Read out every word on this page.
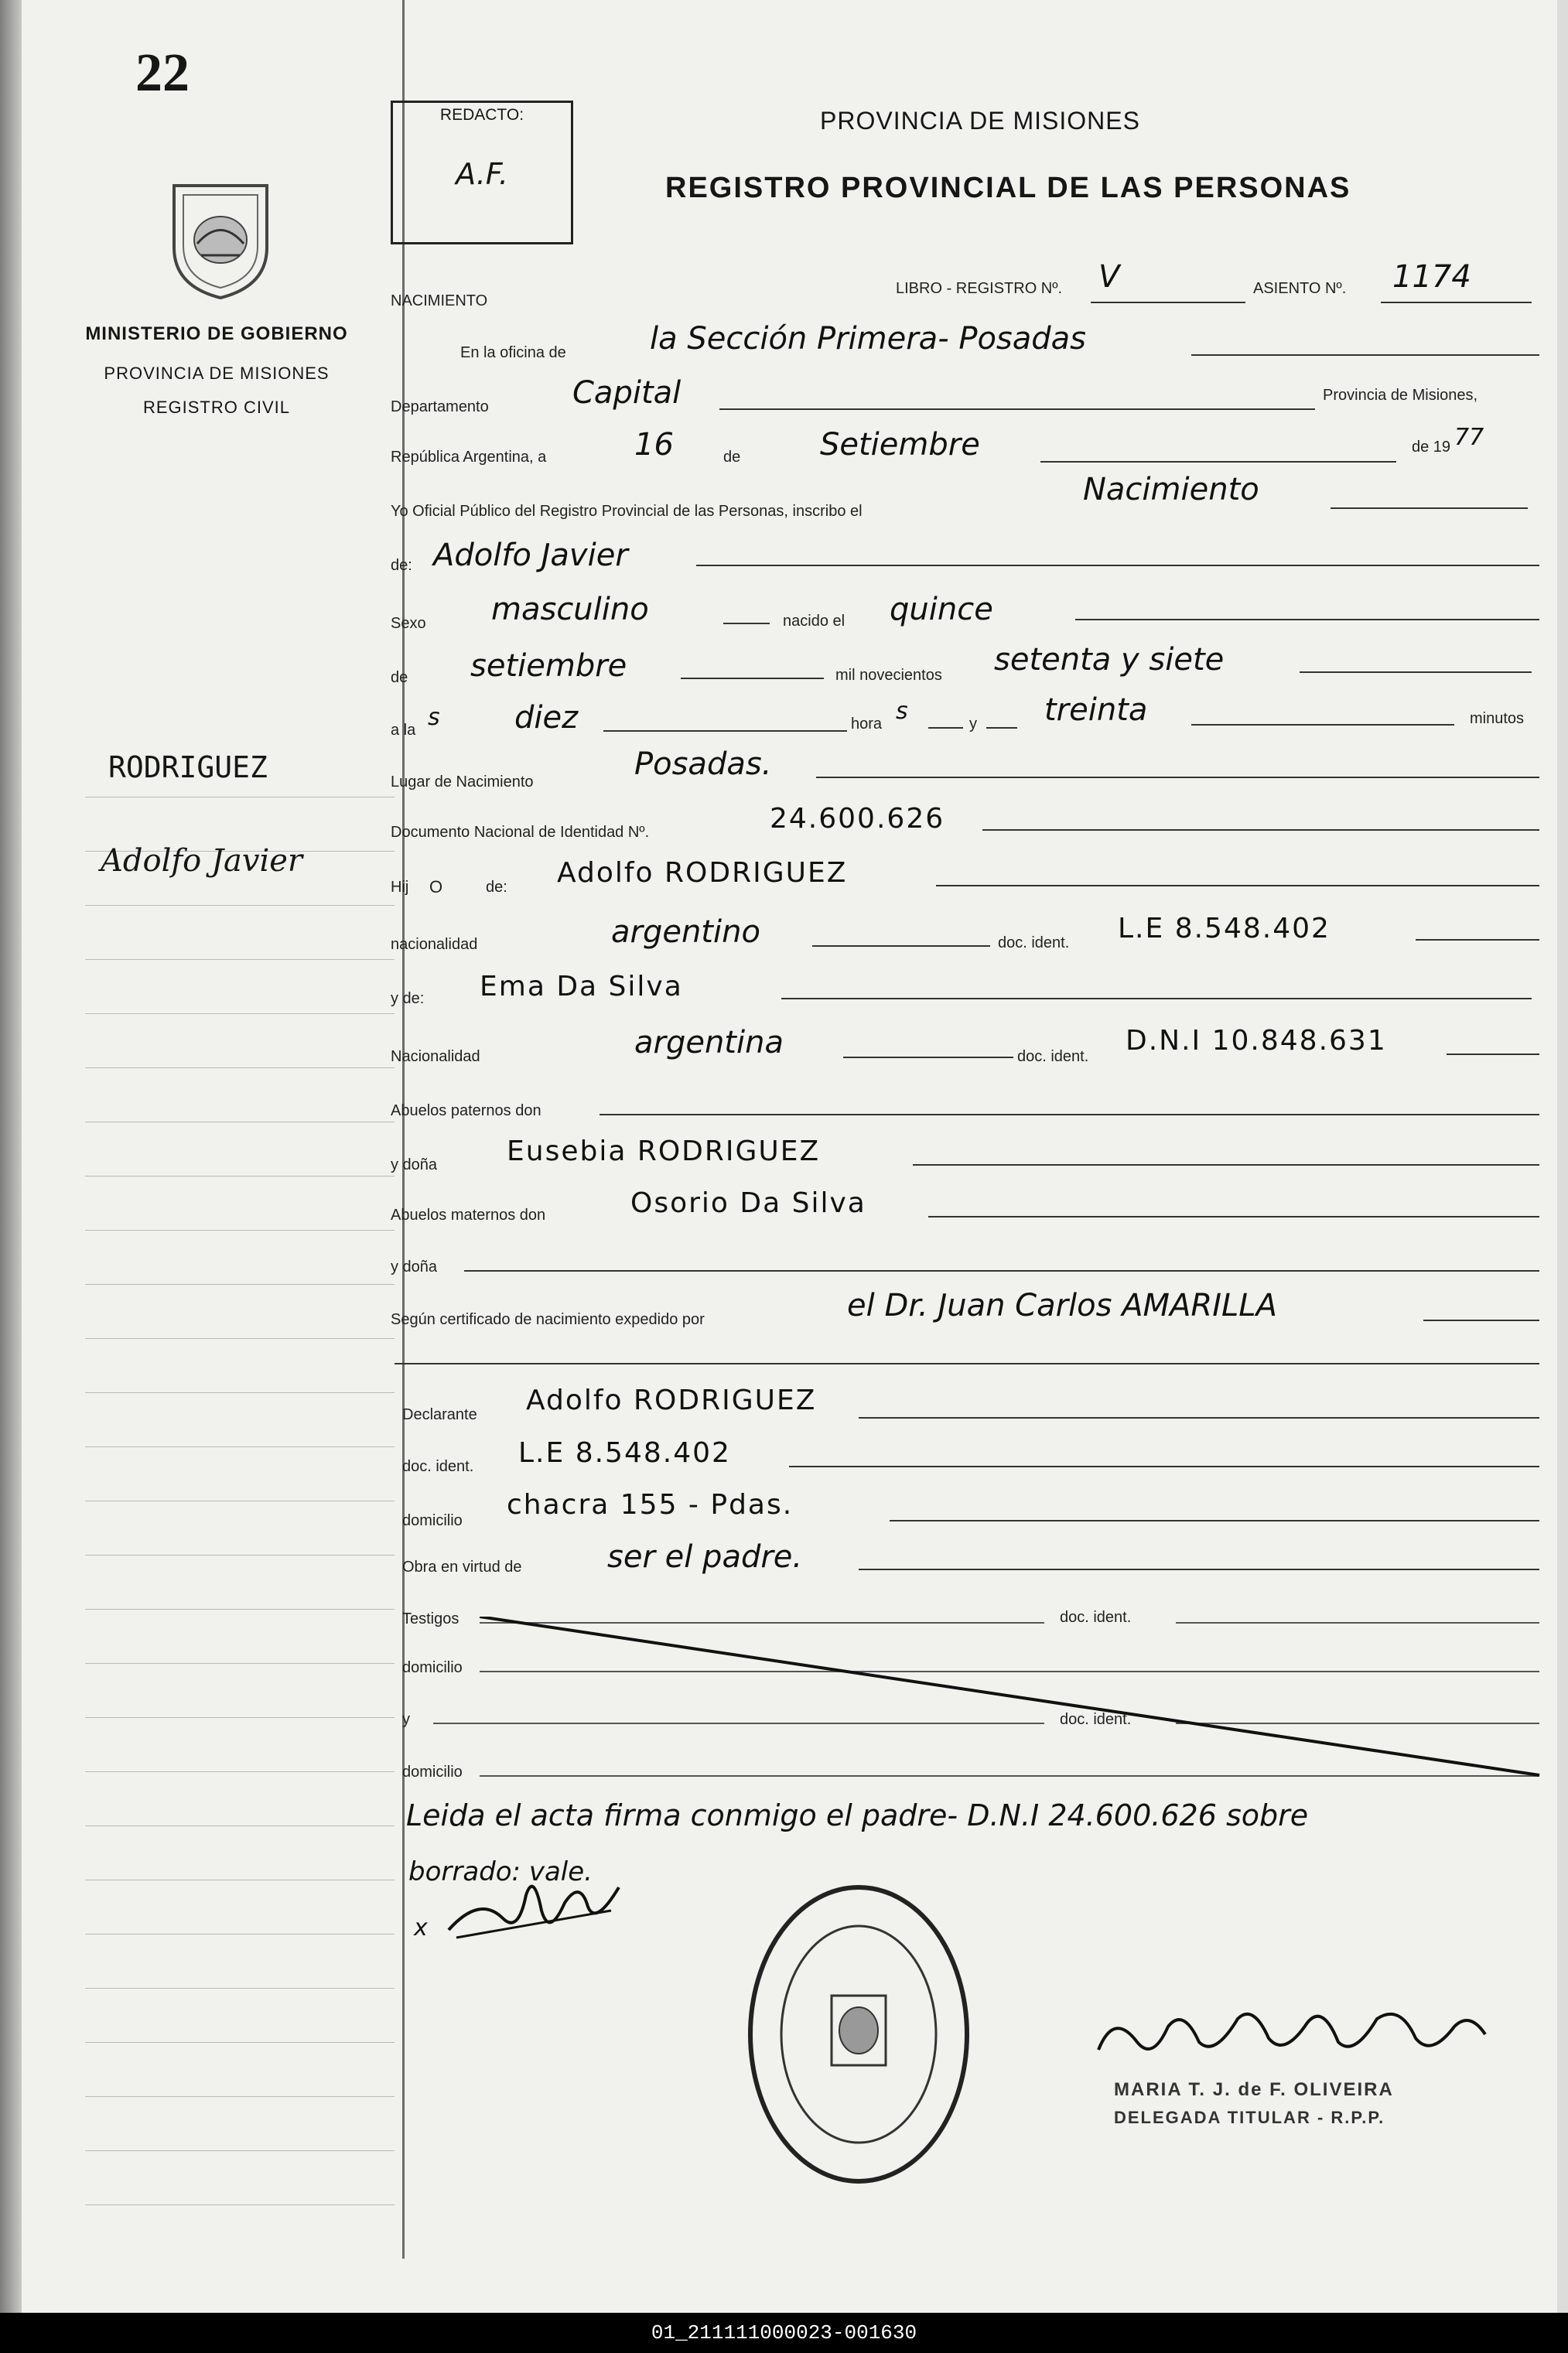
22
MINISTERIO DE GOBIERNO
PROVINCIA DE MISIONES
REGISTRO CIVIL
RODRIGUEZ
Adolfo Javier
REDACTO:
A.F.
PROVINCIA DE MISIONES
REGISTRO PROVINCIAL DE LAS PERSONAS
NACIMIENTO
LIBRO - REGISTRO Nº. V	ASIENTO Nº. 1174
En la oficina de	la Sección Primera- Posadas
Departamento	Capital	Provincia de Misiones,
República Argentina, a	16	de	Setiembre	de 19 77
Yo Oficial Público del Registro Provincial de las Personas, inscribo el
Nacimiento
de: Adolfo Javier
Sexo masculino	nacido el quince
de setiembre	mil novecientos setenta y siete
a la s diez	hora s	y treinta	minutos
Lugar de Nacimiento	Posadas.
Documento Nacional de Identidad Nº.	24.600.626
Hij O	de: Adolfo RODRIGUEZ
nacionalidad	argentino	doc. ident. L.E 8.548.402
y de: Ema Da Silva
Nacionalidad	argentina	doc. ident. D.N.I 10.848.631
Abuelos paternos don
y doña Eusebia RODRIGUEZ
Abuelos maternos don	Osorio Da Silva
y doña
Según certificado de nacimiento expedido por	el Dr. Juan Carlos AMARILLA
Declarante Adolfo RODRIGUEZ
doc. ident. L.E 8.548.402
domicilio chacra 155 - Pdas.
Obra en virtud de	ser el padre.
Testigos	doc. ident.
domicilio
y	doc. ident.
domicilio
Leida el acta firma conmigo el padre- D.N.I 24.600.626 sobre
borrado: vale.
x
MARIA T. J. de F. OLIVEIRA
DELEGADA TITULAR - R.P.P.
01_211111000023-001630
